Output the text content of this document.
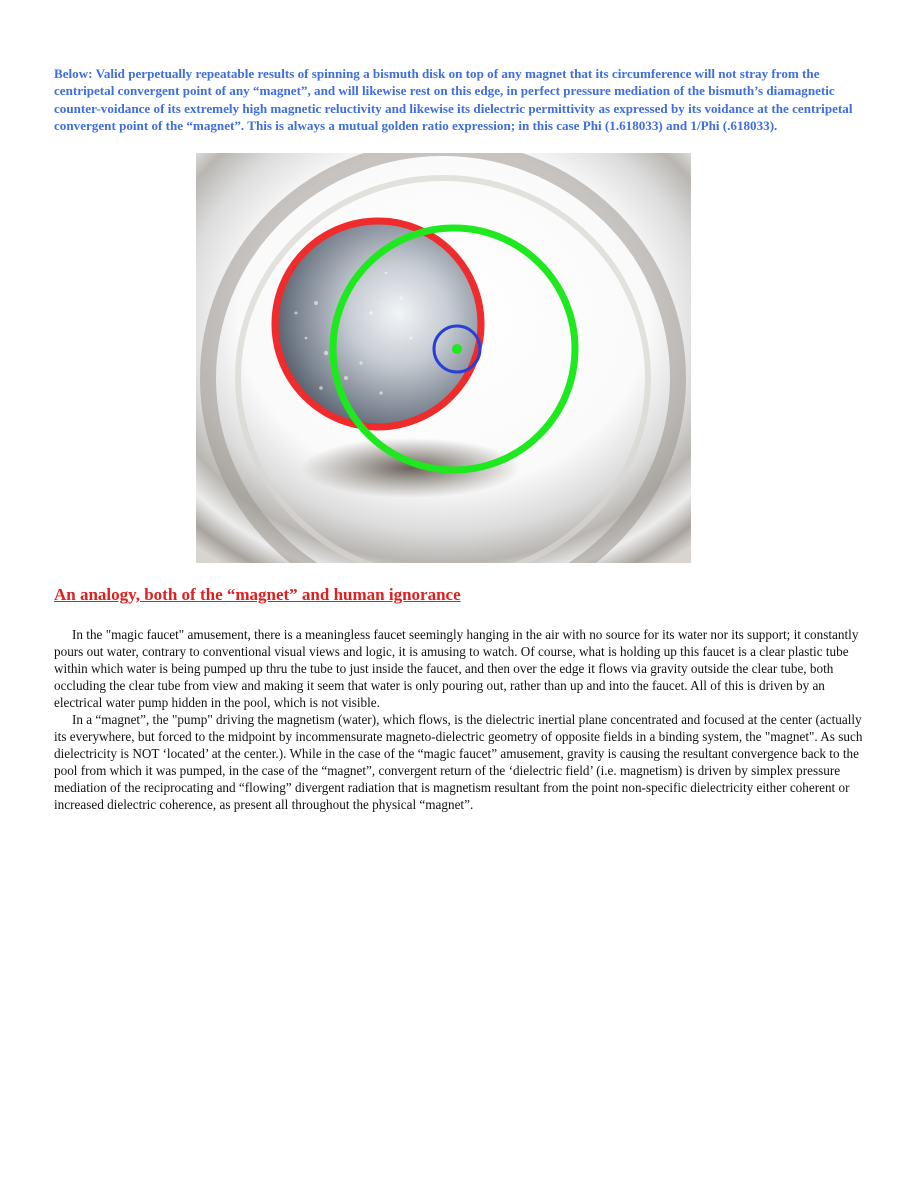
Below: Valid perpetually repeatable results of spinning a bismuth disk on top of any magnet that its circumference will not stray from the centripetal convergent point of any “magnet”, and will likewise rest on this edge, in perfect pressure mediation of the bismuth’s diamagnetic counter-voidance of its extremely high magnetic reluctivity and likewise its dielectric permittivity as expressed by its voidance at the centripetal convergent point of the “magnet”. This is always a mutual golden ratio expression; in this case Phi (1.618033) and 1/Phi (.618033).

An analogy, both of the “magnet” and human ignorance

In the "magic faucet" amusement, there is a meaningless faucet seemingly hanging in the air with no source for its water nor its support; it constantly pours out water, contrary to conventional visual views and logic, it is amusing to watch. Of course, what is holding up this faucet is a clear plastic tube within which water is being pumped up thru the tube to just inside the faucet, and then over the edge it flows via gravity outside the clear tube, both occluding the clear tube from view and making it seem that water is only pouring out, rather than up and into the faucet. All of this is driven by an electrical water pump hidden in the pool, which is not visible.

In a “magnet”, the "pump" driving the magnetism (water), which flows, is the dielectric inertial plane concentrated and focused at the center (actually its everywhere, but forced to the midpoint by incommensurate magneto-dielectric geometry of opposite fields in a binding system, the "magnet". As such dielectricity is NOT ‘located’ at the center.). While in the case of the “magic faucet” amusement, gravity is causing the resultant convergence back to the pool from which it was pumped, in the case of the “magnet”, convergent return of the ‘dielectric field’ (i.e. magnetism) is driven by simplex pressure mediation of the reciprocating and “flowing” divergent radiation that is magnetism resultant from the point non-specific dielectricity either coherent or increased dielectric coherence, as present all throughout the physical “magnet”.
